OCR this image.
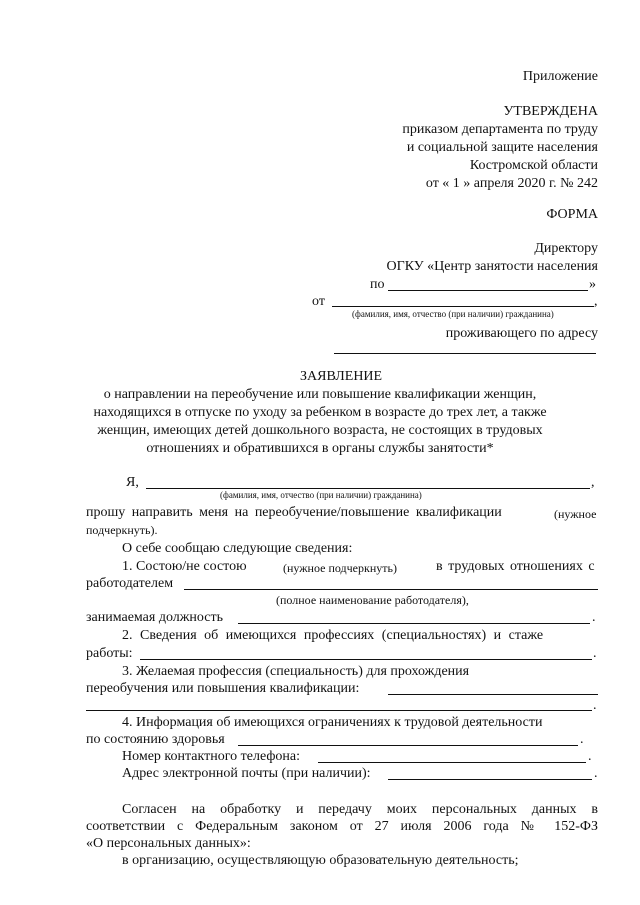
Приложение
УТВЕРЖДЕНА
приказом департамента по труду
и социальной защите населения
Костромской области
от « 1 » апреля 2020 г. № 242
ФОРМА
Директору
ОГКУ «Центр занятости населения
по	»
от	,
(фамилия, имя, отчество (при наличии) гражданина)
проживающего по адресу
ЗАЯВЛЕНИЕ
о направлении на переобучение или повышение квалификации женщин,
находящихся в отпуске по уходу за ребенком в возрасте до трех лет, а также
женщин, имеющих детей дошкольного возраста, не состоящих в трудовых
отношениях и обратившихся в органы службы занятости*
Я,	,
(фамилия, имя, отчество (при наличии) гражданина)
прошу направить меня на переобучение/повышение квалификации	(нужное
подчеркнуть).
О себе сообщаю следующие сведения:
1. Состою/не состою	(нужное подчеркнуть)	в трудовых отношениях с
работодателем
(полное наименование работодателя),
занимаемая должность	.
2. Сведения об имеющихся профессиях (специальностях) и стаже
работы:	.
3. Желаемая профессия (специальность) для прохождения
переобучения или повышения квалификации:
.
4. Информация об имеющихся ограничениях к трудовой деятельности
по состоянию здоровья	.
Номер контактного телефона:	.
Адрес электронной почты (при наличии):	.
Согласен на обработку и передачу моих персональных данных в
соответствии с Федеральным законом от 27 июля 2006 года № 152-ФЗ
«О персональных данных»:
в организацию, осуществляющую образовательную деятельность;
